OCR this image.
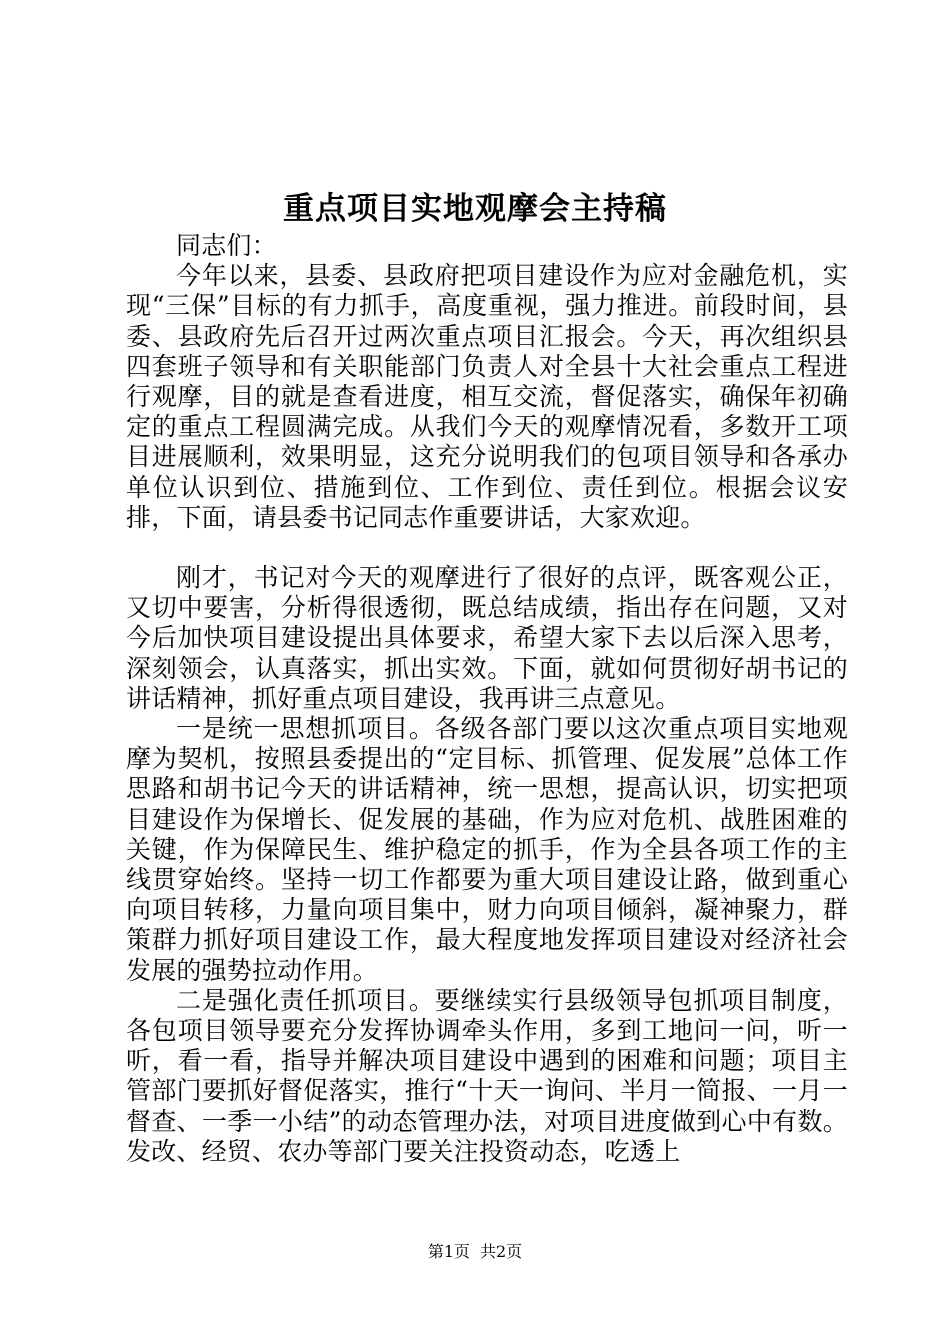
重点项目实地观摩会主持稿

同志们：

今年以来，县委、县政府把项目建设作为应对金融危机，实现“三保”目标的有力抓手，高度重视，强力推进。前段时间，县委、县政府先后召开过两次重点项目汇报会。今天，再次组织县四套班子领导和有关职能部门负责人对全县十大社会重点工程进行观摩，目的就是查看进度，相互交流，督促落实，确保年初确定的重点工程圆满完成。从我们今天的观摩情况看，多数开工项目进展顺利，效果明显，这充分说明我们的包项目领导和各承办单位认识到位、措施到位、工作到位、责任到位。根据会议安排，下面，请县委书记同志作重要讲话，大家欢迎。

刚才，书记对今天的观摩进行了很好的点评，既客观公正，又切中要害，分析得很透彻，既总结成绩，指出存在问题，又对今后加快项目建设提出具体要求，希望大家下去以后深入思考，深刻领会，认真落实，抓出实效。下面，就如何贯彻好胡书记的讲话精神，抓好重点项目建设，我再讲三点意见。

一是统一思想抓项目。各级各部门要以这次重点项目实地观摩为契机，按照县委提出的“定目标、抓管理、促发展”总体工作思路和胡书记今天的讲话精神，统一思想，提高认识，切实把项目建设作为保增长、促发展的基础，作为应对危机、战胜困难的关键，作为保障民生、维护稳定的抓手，作为全县各项工作的主线贯穿始终。坚持一切工作都要为重大项目建设让路，做到重心向项目转移，力量向项目集中，财力向项目倾斜，凝神聚力，群策群力抓好项目建设工作，最大程度地发挥项目建设对经济社会发展的强势拉动作用。

二是强化责任抓项目。要继续实行县级领导包抓项目制度，各包项目领导要充分发挥协调牵头作用，多到工地问一问，听一听，看一看，指导并解决项目建设中遇到的困难和问题；项目主管部门要抓好督促落实，推行“十天一询问、半月一简报、一月一督查、一季一小结”的动态管理办法，对项目进度做到心中有数。发改、经贸、农办等部门要关注投资动态，吃透上

第1页 共2页
